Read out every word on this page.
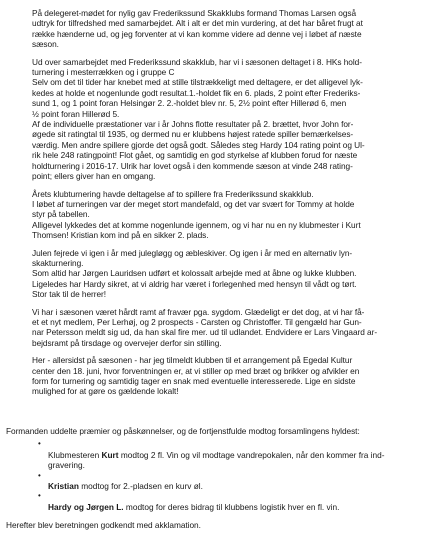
På delegeret-mødet for nylig gav Frederikssund Skakklubs formand Thomas Larsen også
udtryk for tilfredshed med samarbejdet. Alt i alt er det min vurdering, at det har båret frugt at
række hænderne ud, og jeg forventer at vi kan komme videre ad denne vej i løbet af næste
sæson.

Ud over samarbejdet med Frederikssund skakklub, har vi i sæsonen deltaget i 8. HKs hold-
turnering i mesterrækken og i gruppe C
Selv om det til tider har knebet med at stille tilstrækkeligt med deltagere, er det alligevel lyk-
kedes at holde et nogenlunde godt resultat.1.-holdet fik en 6. plads, 2 point efter Frederiks-
sund 1, og 1 point foran Helsingør 2. 2.-holdet blev nr. 5, 2½ point efter Hillerød 6, men
½ point foran Hillerød 5.
Af de individuelle præstationer var i år Johns flotte resultater på 2. brættet, hvor John for-
øgede sit ratingtal til 1935, og dermed nu er klubbens højest ratede spiller bemærkelses-
værdig. Men andre spillere gjorde det også godt. Således steg Hardy 104 rating point og Ul-
rik hele 248 ratingpoint! Flot gået, og samtidig en god styrkelse af klubben forud for næste
holdturnering i 2016-17. Ulrik har lovet også i den kommende sæson at vinde 248 rating-
point; ellers giver han en omgang.

Årets klubturnering havde deltagelse af to spillere fra Frederikssund skakklub.
I løbet af turneringen var der meget stort mandefald, og det var svært for Tommy at holde
styr på tabellen.
Alligevel lykkedes det at komme nogenlunde igennem, og vi har nu en ny klubmester i Kurt
Thomsen! Kristian kom ind på en sikker 2. plads.

Julen fejrede vi igen i år med julegløgg og æbleskiver. Og igen i år med en alternativ lyn-
skakturnering.
Som altid har Jørgen Lauridsen udført et kolossalt arbejde med at åbne og lukke klubben.
Ligeledes har Hardy sikret, at vi aldrig har været i forlegenhed med hensyn til vådt og tørt.
Stor tak til de herrer!

Vi har i sæsonen været hårdt ramt af fravær pga. sygdom. Glædeligt er det dog, at vi har få-
et et nyt medlem, Per Lerhøj, og 2 prospects - Carsten og Christoffer. Til gengæld har Gun-
nar Petersson meldt sig ud, da han skal fire mer. ud til udlandet. Endvidere er Lars Vingaard ar-
bejdsramt på tirsdage og overvejer derfor sin stilling.

Her - allersidst på sæsonen - har jeg tilmeldt klubben til et arrangement på Egedal Kultur
center den 18. juni, hvor forventningen er, at vi stiller op med bræt og brikker og afvikler en
form for turnering og samtidig tager en snak med eventuelle interesserede. Lige en sidste
mulighed for at gøre os gældende lokalt!

Formanden uddelte præmier og påskønnelser, og de fortjenstfulde modtog forsamlingens hyldest:

•
Klubmesteren Kurt modtog 2 fl. Vin og vil modtage vandrepokalen, når den kommer fra ind-
gravering.

•
Kristian modtog for 2.-pladsen en kurv øl.

•
Hardy og Jørgen L. modtog for deres bidrag til klubbens logistik hver en fl. vin.

Herefter blev beretningen godkendt med akklamation.
